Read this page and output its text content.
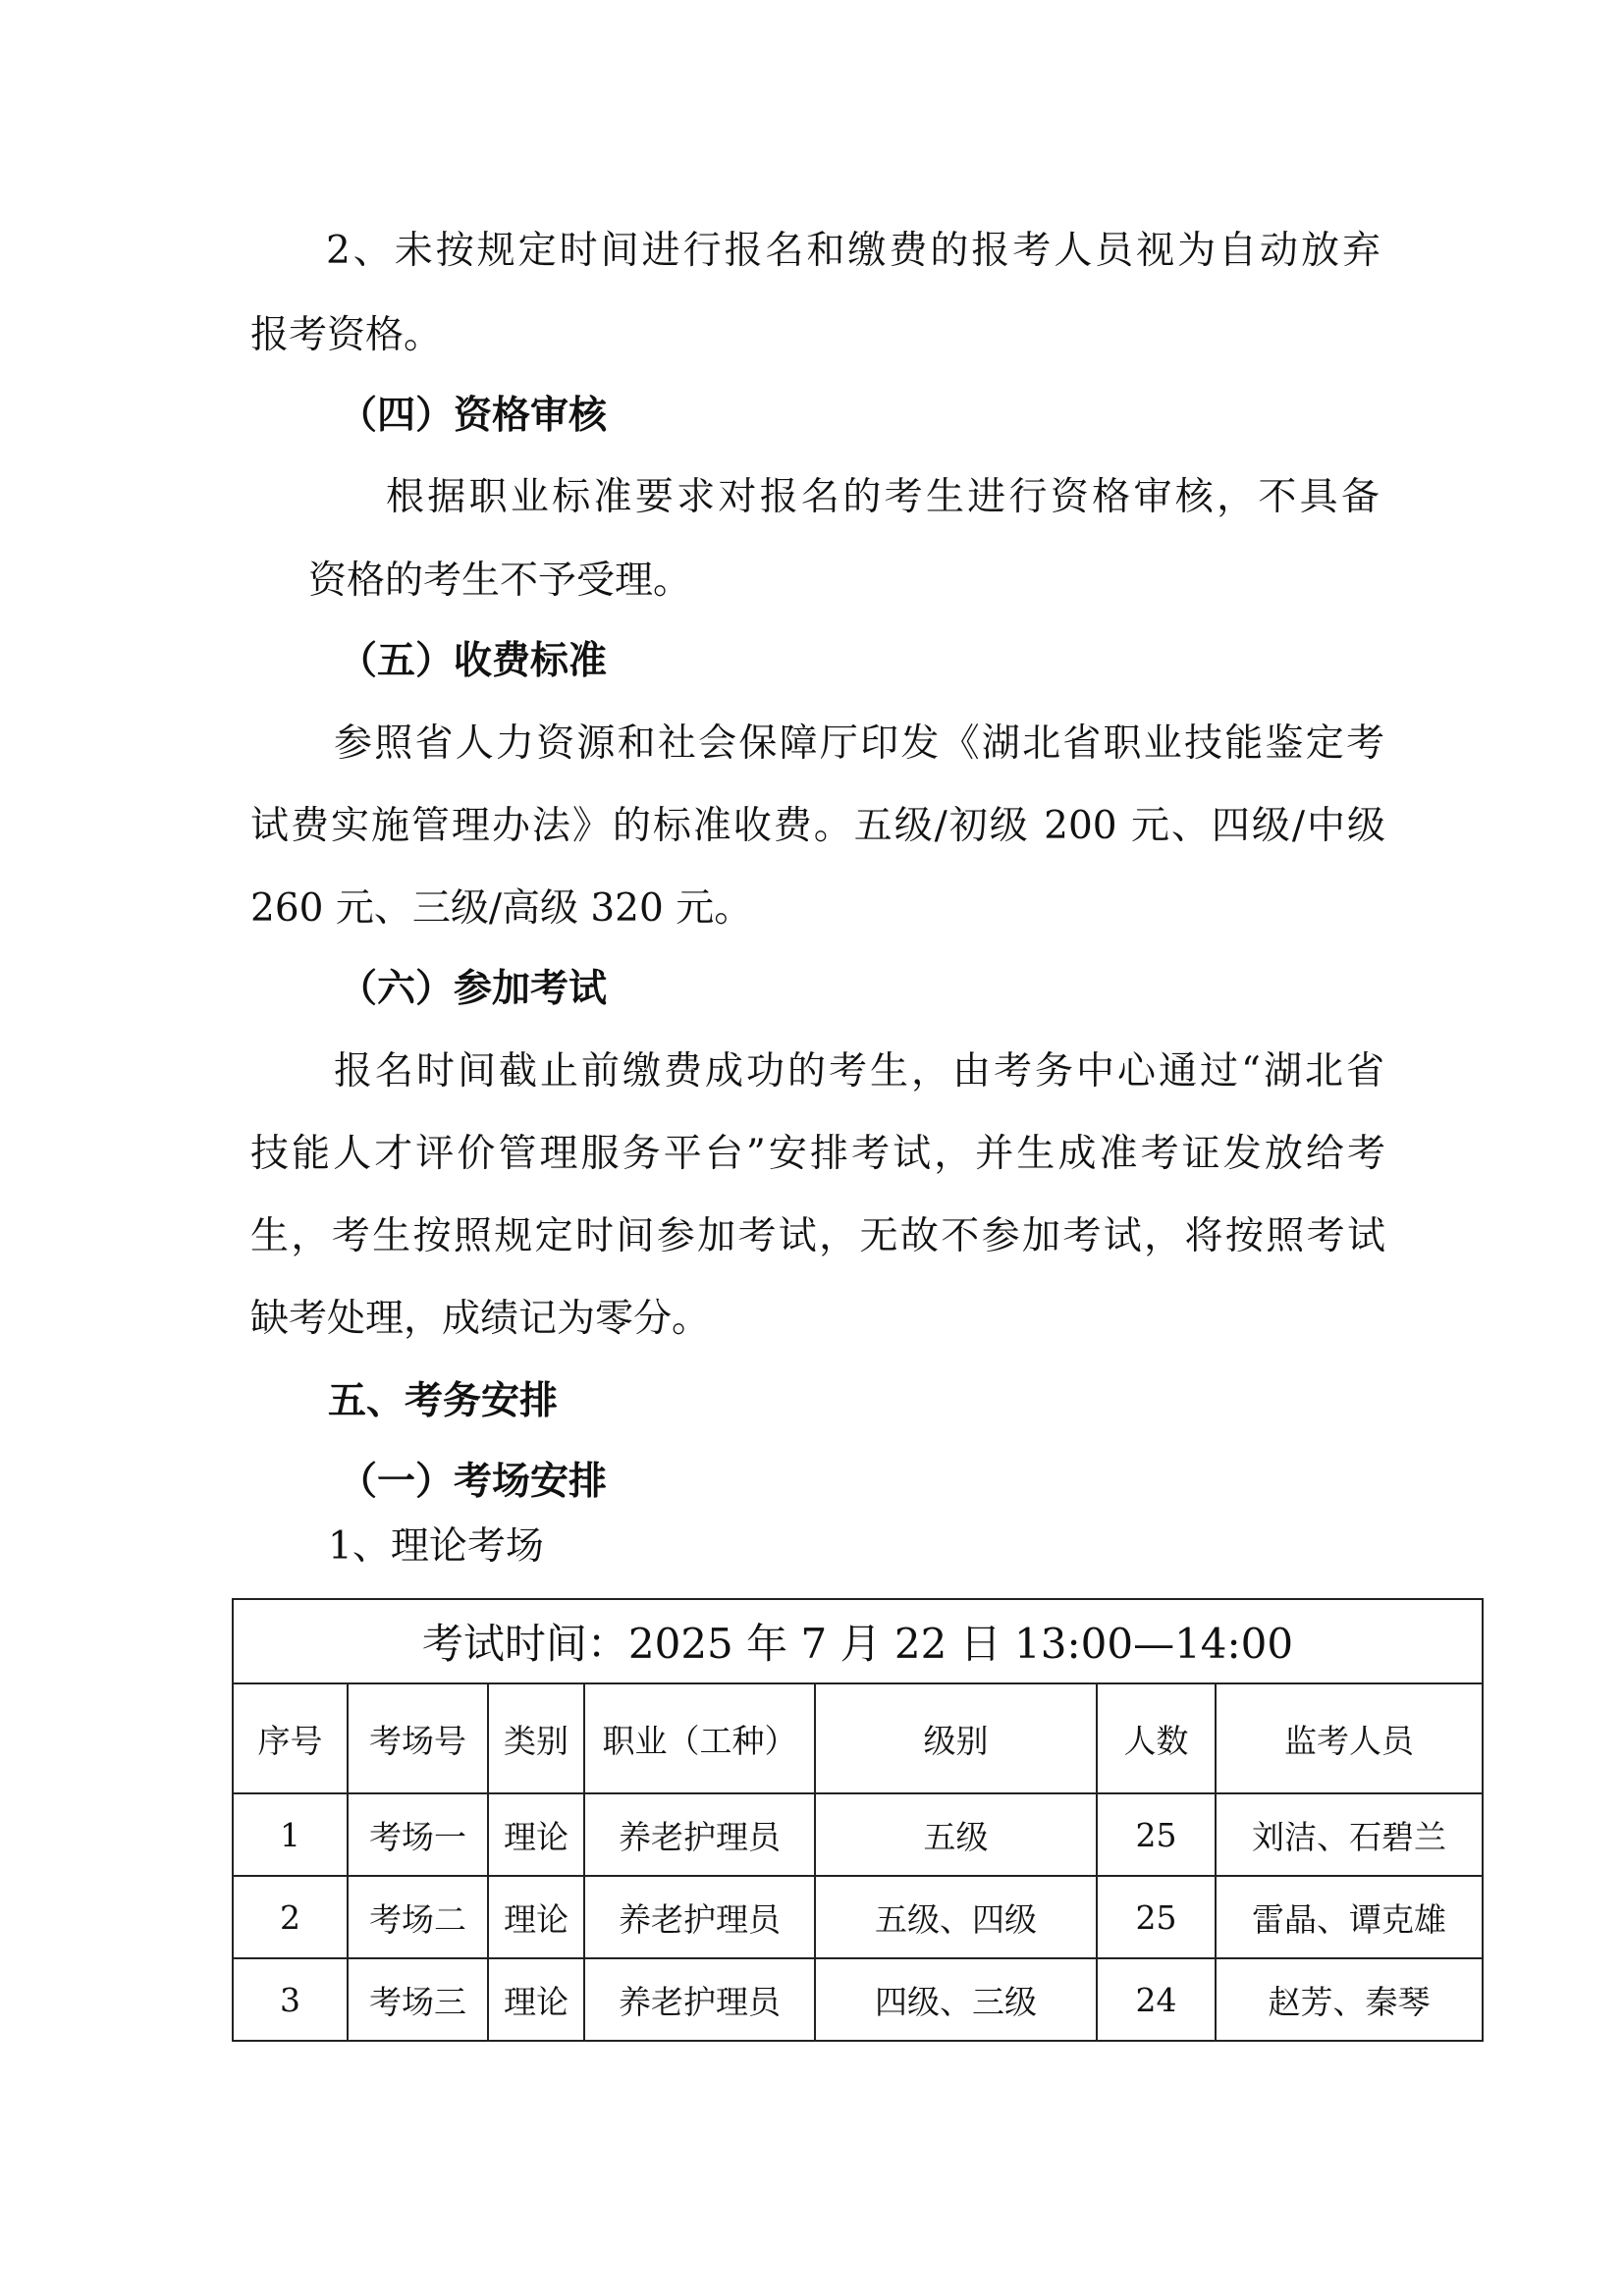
2、未按规定时间进行报名和缴费的报考人员视为自动放弃
报考资格。
（四）资格审核
根据职业标准要求对报名的考生进行资格审核，不具备
资格的考生不予受理。
（五）收费标准
参照省人力资源和社会保障厅印发《湖北省职业技能鉴定考
试费实施管理办法》的标准收费。五级/初级 200 元、四级/中级
260 元、三级/高级 320 元。
（六）参加考试
报名时间截止前缴费成功的考生，由考务中心通过“湖北省
技能人才评价管理服务平台”安排考试，并生成准考证发放给考
生，考生按照规定时间参加考试，无故不参加考试，将按照考试
缺考处理，成绩记为零分。
五、考务安排
（一）考场安排
1、理论考场
考试时间：2025 年 7 月 22 日 13:00—14:00						
序号	考场号	类别	职业（工种）	级别	人数	监考人员
1	考场一	理论	养老护理员	五级	25	刘洁、石碧兰
2	考场二	理论	养老护理员	五级、四级	25	雷晶、谭克雄
3	考场三	理论	养老护理员	四级、三级	24	赵芳、秦琴
